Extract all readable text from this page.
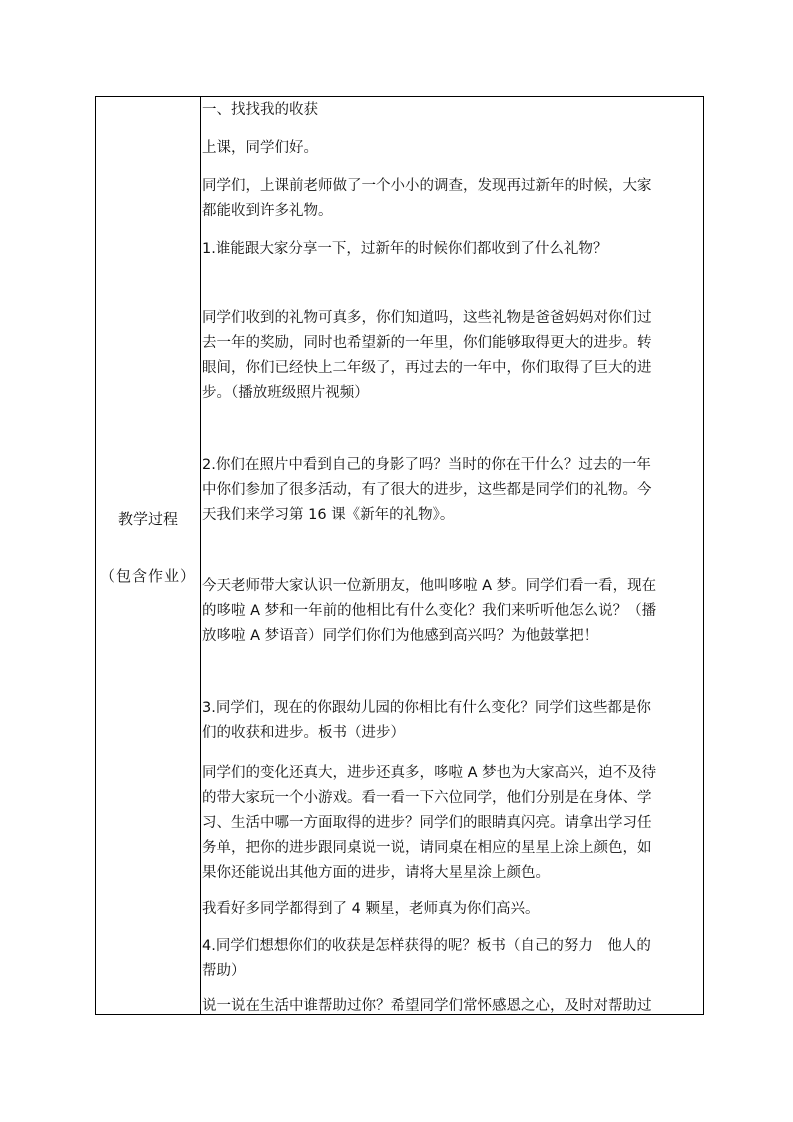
教学过程
（包含作业）
一、找找我的收获
上课，同学们好。
同学们，上课前老师做了一个小小的调查，发现再过新年的时候，大家
都能收到许多礼物。
1.谁能跟大家分享一下，过新年的时候你们都收到了什么礼物？
同学们收到的礼物可真多，你们知道吗，这些礼物是爸爸妈妈对你们过
去一年的奖励，同时也希望新的一年里，你们能够取得更大的进步。转
眼间，你们已经快上二年级了，再过去的一年中，你们取得了巨大的进
步。（播放班级照片视频）
2.你们在照片中看到自己的身影了吗？当时的你在干什么？过去的一年
中你们参加了很多活动，有了很大的进步，这些都是同学们的礼物。今
天我们来学习第 16 课《新年的礼物》。
今天老师带大家认识一位新朋友，他叫哆啦 A 梦。同学们看一看，现在
的哆啦 A 梦和一年前的他相比有什么变化？我们来听听他怎么说？（播
放哆啦 A 梦语音）同学们你们为他感到高兴吗？为他鼓掌把！
3.同学们，现在的你跟幼儿园的你相比有什么变化？同学们这些都是你
们的收获和进步。板书（进步）
同学们的变化还真大，进步还真多，哆啦 A 梦也为大家高兴，迫不及待
的带大家玩一个小游戏。看一看一下六位同学，他们分别是在身体、学
习、生活中哪一方面取得的进步？同学们的眼睛真闪亮。请拿出学习任
务单，把你的进步跟同桌说一说，请同桌在相应的星星上涂上颜色，如
果你还能说出其他方面的进步，请将大星星涂上颜色。
我看好多同学都得到了 4 颗星，老师真为你们高兴。
4.同学们想想你们的收获是怎样获得的呢？板书（自己的努力　他人的
帮助）
说一说在生活中谁帮助过你？希望同学们常怀感恩之心，及时对帮助过
